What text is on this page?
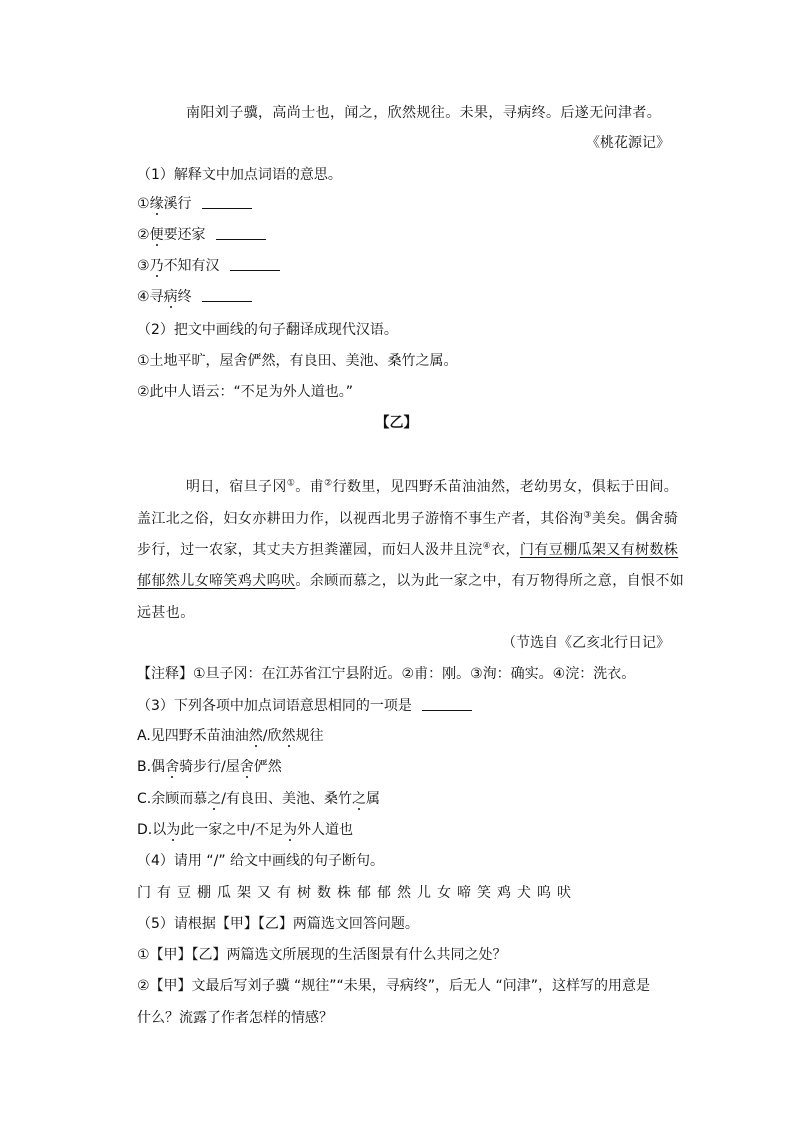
南阳刘子骥，高尚士也，闻之，欣然规往。未果，寻病终。后遂无问津者。
《桃花源记》
（1）解释文中加点词语的意思。
①缘溪行
②便要还家
③乃不知有汉
④寻病终
（2）把文中画线的句子翻译成现代汉语。
①土地平旷，屋舍俨然，有良田、美池、桑竹之属。
②此中人语云：“不足为外人道也。”
【乙】
明日，宿旦子冈①。甫②行数里，见四野禾苗油油然，老幼男女，俱耘于田间。
盖江北之俗，妇女亦耕田力作，以视西北男子游惰不事生产者，其俗洵③美矣。偶舍骑
步行，过一农家，其丈夫方担粪灌园，而妇人汲井且浣④衣，门有豆棚瓜架又有树数株
郁郁然儿女啼笑鸡犬呜吠。余顾而慕之，以为此一家之中，有万物得所之意，自恨不如
远甚也。
（节选自《乙亥北行日记》
【注释】①旦子冈：在江苏省江宁县附近。②甫：刚。③洵：确实。④浣：洗衣。
（3）下列各项中加点词语意思相同的一项是
A.见四野禾苗油油然/欣然规往
B.偶舍骑步行/屋舍俨然
C.余顾而慕之/有良田、美池、桑竹之属
D.以为此一家之中/不足为外人道也
（4）请用 “/” 给文中画线的句子断句。
门有豆棚瓜架又有树数株郁郁然儿女啼笑鸡犬呜吠
（5）请根据【甲】【乙】两篇选文回答问题。
①【甲】【乙】两篇选文所展现的生活图景有什么共同之处？
②【甲】文最后写刘子骥 “规往”“未果，寻病终”，后无人 “问津”，这样写的用意是
什么？流露了作者怎样的情感？
